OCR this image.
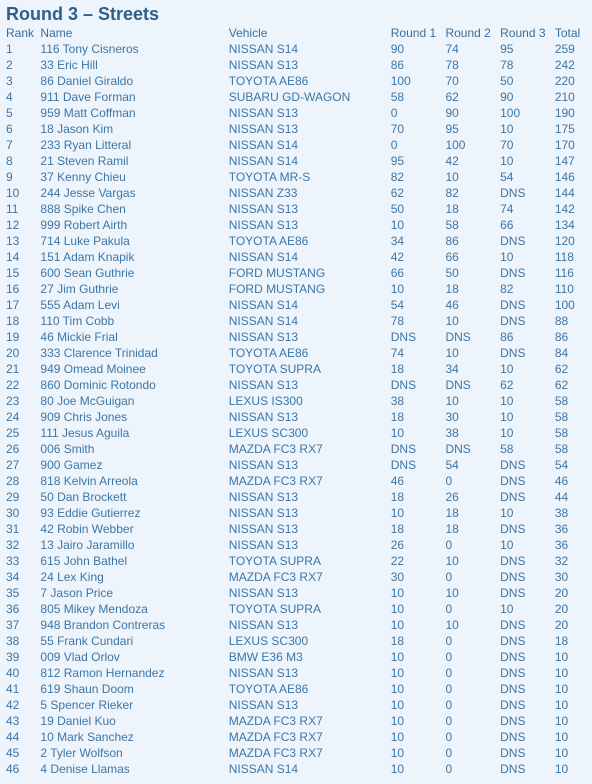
Round 3 – Streets
Rank	Name	Vehicle	Round 1	Round 2	Round 3	Total
1	116 Tony Cisneros	NISSAN S14	90	74	95	259
2	33 Eric Hill	NISSAN S13	86	78	78	242
3	86 Daniel Giraldo	TOYOTA AE86	100	70	50	220
4	911 Dave Forman	SUBARU GD-WAGON	58	62	90	210
5	959 Matt Coffman	NISSAN S13	0	90	100	190
6	18 Jason Kim	NISSAN S13	70	95	10	175
7	233 Ryan Litteral	NISSAN S14	0	100	70	170
8	21 Steven Ramil	NISSAN S14	95	42	10	147
9	37 Kenny Chieu	TOYOTA MR-S	82	10	54	146
10	244 Jesse Vargas	NISSAN Z33	62	82	DNS	144
11	888 Spike Chen	NISSAN S13	50	18	74	142
12	999 Robert Airth	NISSAN S13	10	58	66	134
13	714 Luke Pakula	TOYOTA AE86	34	86	DNS	120
14	151 Adam Knapik	NISSAN S14	42	66	10	118
15	600 Sean Guthrie	FORD MUSTANG	66	50	DNS	116
16	27 Jim Guthrie	FORD MUSTANG	10	18	82	110
17	555 Adam Levi	NISSAN S14	54	46	DNS	100
18	110 Tim Cobb	NISSAN S14	78	10	DNS	88
19	46 Mickie Frial	NISSAN S13	DNS	DNS	86	86
20	333 Clarence Trinidad	TOYOTA AE86	74	10	DNS	84
21	949 Omead Moinee	TOYOTA SUPRA	18	34	10	62
22	860 Dominic Rotondo	NISSAN S13	DNS	DNS	62	62
23	80 Joe McGuigan	LEXUS IS300	38	10	10	58
24	909 Chris Jones	NISSAN S13	18	30	10	58
25	111 Jesus Aguila	LEXUS SC300	10	38	10	58
26	006 Smith	MAZDA FC3 RX7	DNS	DNS	58	58
27	900 Gamez	NISSAN S13	DNS	54	DNS	54
28	818 Kelvin Arreola	MAZDA FC3 RX7	46	0	DNS	46
29	50 Dan Brockett	NISSAN S13	18	26	DNS	44
30	93 Eddie Gutierrez	NISSAN S13	10	18	10	38
31	42 Robin Webber	NISSAN S13	18	18	DNS	36
32	13 Jairo Jaramillo	NISSAN S13	26	0	10	36
33	615 John Bathel	TOYOTA SUPRA	22	10	DNS	32
34	24 Lex King	MAZDA FC3 RX7	30	0	DNS	30
35	7 Jason Price	NISSAN S13	10	10	DNS	20
36	805 Mikey Mendoza	TOYOTA SUPRA	10	0	10	20
37	948 Brandon Contreras	NISSAN S13	10	10	DNS	20
38	55 Frank Cundari	LEXUS SC300	18	0	DNS	18
39	009 Vlad Orlov	BMW E36 M3	10	0	DNS	10
40	812 Ramon Hernandez	NISSAN S13	10	0	DNS	10
41	619 Shaun Doom	TOYOTA AE86	10	0	DNS	10
42	5 Spencer Rieker	NISSAN S13	10	0	DNS	10
43	19 Daniel Kuo	MAZDA FC3 RX7	10	0	DNS	10
44	10 Mark Sanchez	MAZDA FC3 RX7	10	0	DNS	10
45	2 Tyler Wolfson	MAZDA FC3 RX7	10	0	DNS	10
46	4 Denise Llamas	NISSAN S14	10	0	DNS	10
